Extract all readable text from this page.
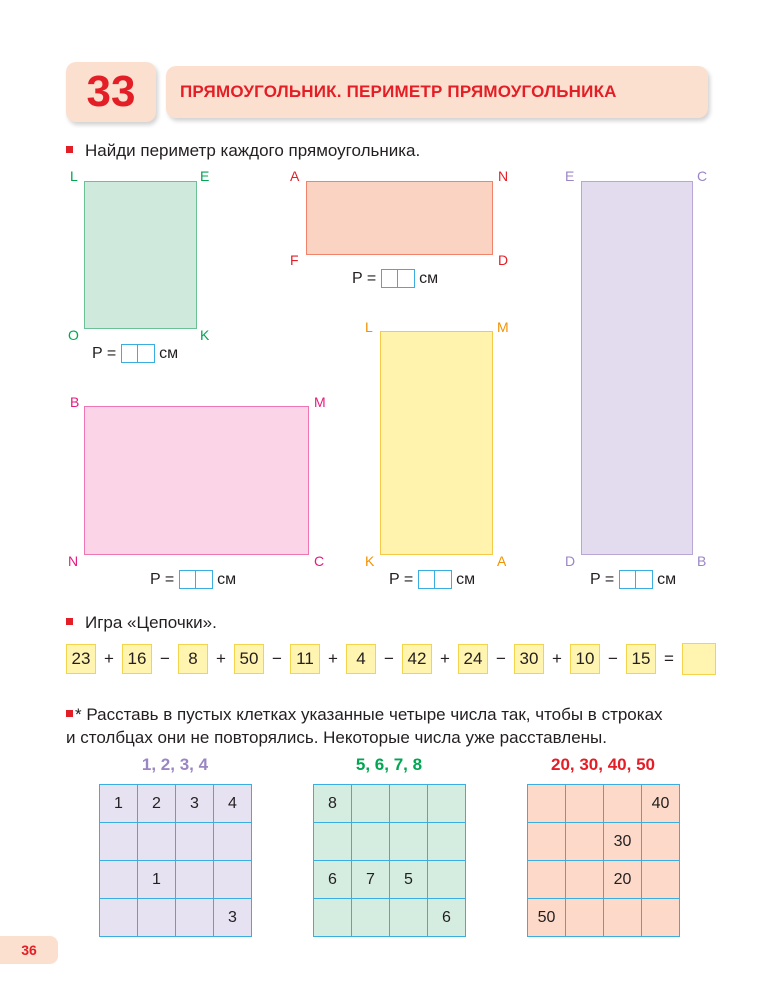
33	ПРЯМОУГОЛЬНИК. ПЕРИМЕТР ПРЯМОУГОЛЬНИКА
Найди периметр каждого прямоугольника.
L	E
O	K
P =

	см
A	N
F	D
P =

	см
E	C
D	B
P =

	см
L	M
K	A
P =

	см
B	M
N	C
P =

	см
Игра «Цепочки».
23 + 16 −	8	+ 50 − 11 +	4	− 42 + 24 − 30 + 10 − 15 =
* Расставь в пустых клетках указанные четыре числа так, чтобы в строках
и столбцах они не повторялись. Некоторые числа уже расставлены.
1, 2, 3, 4	5, 6, 7, 8	20, 30, 40, 50
1	2	3	4

	1		
			3
8			

6	7	5	
			6
			40
		30	
		20	
50			
36
